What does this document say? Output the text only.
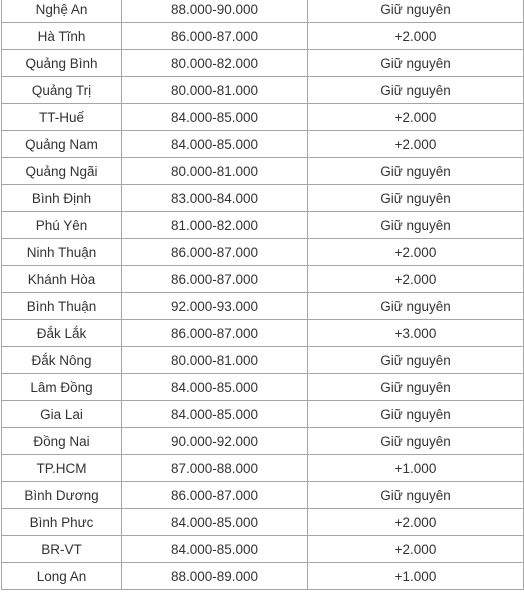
Nghệ An	88.000-90.000	Giữ nguyên
Hà Tĩnh	86.000-87.000	+2.000
Quảng Bình	80.000-82.000	Giữ nguyên
Quảng Trị	80.000-81.000	Giữ nguyên
TT-Huế	84.000-85.000	+2.000
Quảng Nam	84.000-85.000	+2.000
Quảng Ngãi	80.000-81.000	Giữ nguyên
Bình Định	83.000-84.000	Giữ nguyên
Phú Yên	81.000-82.000	Giữ nguyên
Ninh Thuận	86.000-87.000	+2.000
Khánh Hòa	86.000-87.000	+2.000
Bình Thuận	92.000-93.000	Giữ nguyên
Đắk Lắk	86.000-87.000	+3.000
Đắk Nông	80.000-81.000	Giữ nguyên
Lâm Đồng	84.000-85.000	Giữ nguyên
Gia Lai	84.000-85.000	Giữ nguyên
Đồng Nai	90.000-92.000	Giữ nguyên
TP.HCM	87.000-88.000	+1.000
Bình Dương	86.000-87.000	Giữ nguyên
Bình Phưc	84.000-85.000	+2.000
BR-VT	84.000-85.000	+2.000
Long An	88.000-89.000	+1.000
